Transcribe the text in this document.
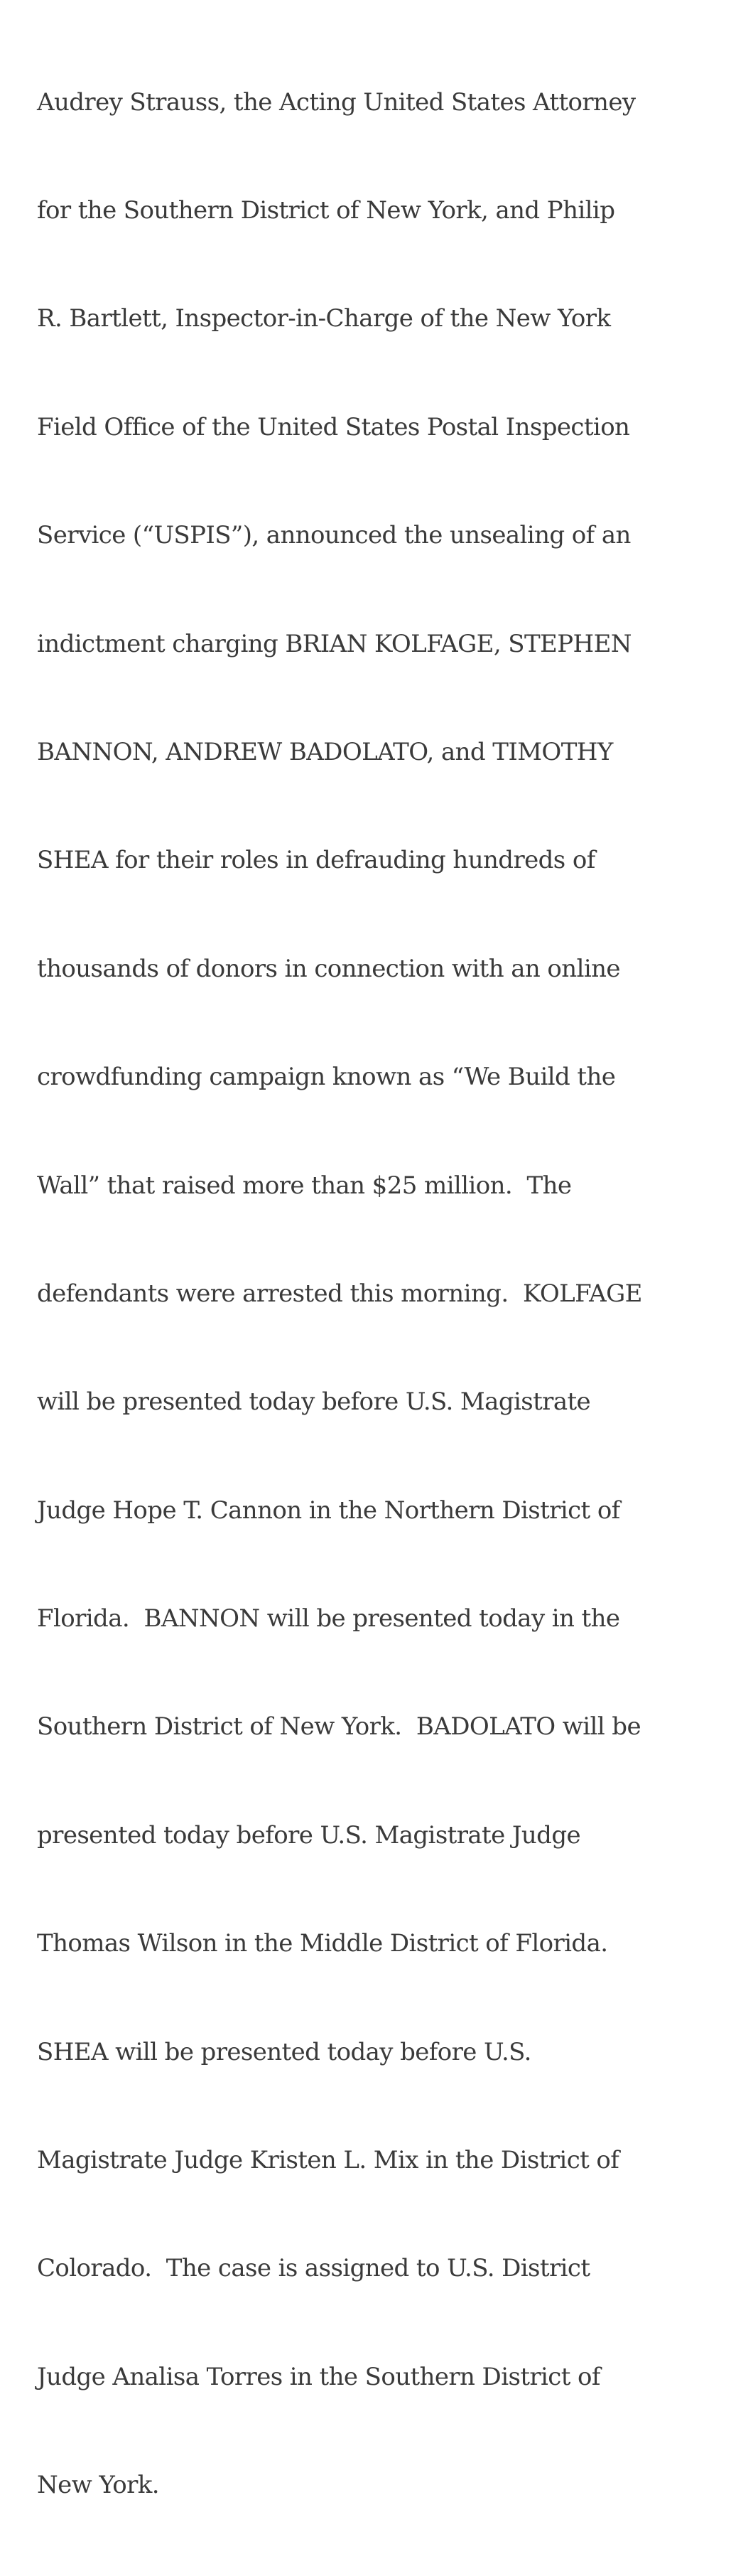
Audrey Strauss, the Acting United States Attorney

for the Southern District of New York, and Philip

R. Bartlett, Inspector-in-Charge of the New York

Field Office of the United States Postal Inspection

Service (“USPIS”), announced the unsealing of an

indictment charging BRIAN KOLFAGE, STEPHEN

BANNON, ANDREW BADOLATO, and TIMOTHY

SHEA for their roles in defrauding hundreds of

thousands of donors in connection with an online

crowdfunding campaign known as “We Build the

Wall” that raised more than $25 million.  The

defendants were arrested this morning.  KOLFAGE

will be presented today before U.S. Magistrate

Judge Hope T. Cannon in the Northern District of

Florida.  BANNON will be presented today in the

Southern District of New York.  BADOLATO will be

presented today before U.S. Magistrate Judge

Thomas Wilson in the Middle District of Florida.

SHEA will be presented today before U.S.

Magistrate Judge Kristen L. Mix in the District of

Colorado.  The case is assigned to U.S. District

Judge Analisa Torres in the Southern District of

New York.
